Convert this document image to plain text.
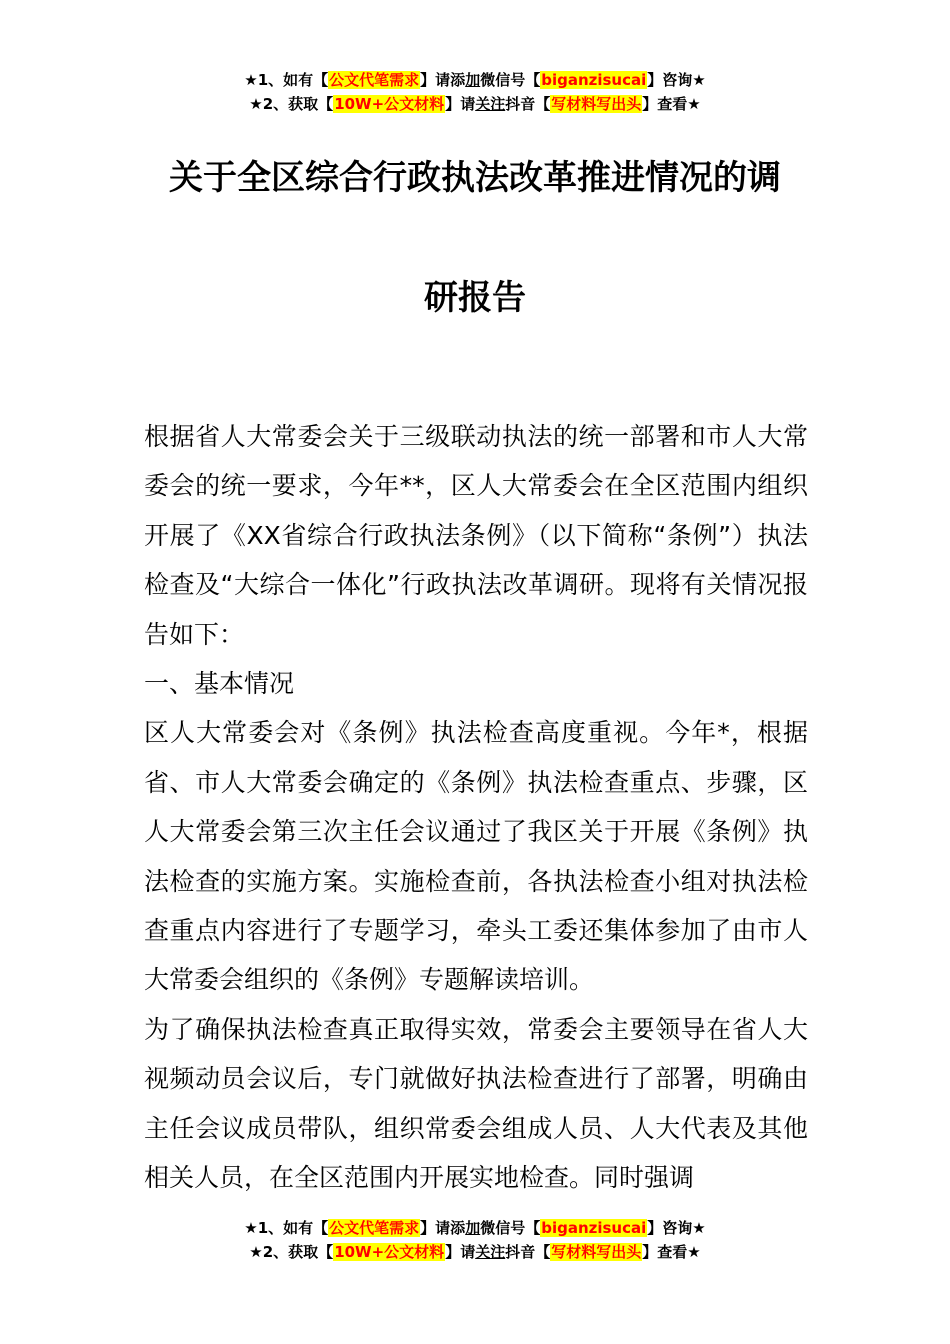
★1、如有【公文代笔需求】请添加微信号【biganzisucai】咨询★
★2、获取【10W+公文材料】请关注抖音【写材料写出头】查看★
关于全区综合行政执法改革推进情况的调
研报告

根据省人大常委会关于三级联动执法的统一部署和市人大常委会的统一要求，今年**，区人大常委会在全区范围内组织开展了《XX省综合行政执法条例》（以下简称“条例”）执法检查及“大综合一体化”行政执法改革调研。现将有关情况报告如下：

一、基本情况

区人大常委会对《条例》执法检查高度重视。今年*，根据省、市人大常委会确定的《条例》执法检查重点、步骤，区人大常委会第三次主任会议通过了我区关于开展《条例》执法检查的实施方案。实施检查前，各执法检查小组对执法检查重点内容进行了专题学习，牵头工委还集体参加了由市人大常委会组织的《条例》专题解读培训。

为了确保执法检查真正取得实效，常委会主要领导在省人大视频动员会议后，专门就做好执法检查进行了部署，明确由主任会议成员带队，组织常委会组成人员、人大代表及其他相关人员，在全区范围内开展实地检查。同时强调

★1、如有【公文代笔需求】请添加微信号【biganzisucai】咨询★
★2、获取【10W+公文材料】请关注抖音【写材料写出头】查看★
